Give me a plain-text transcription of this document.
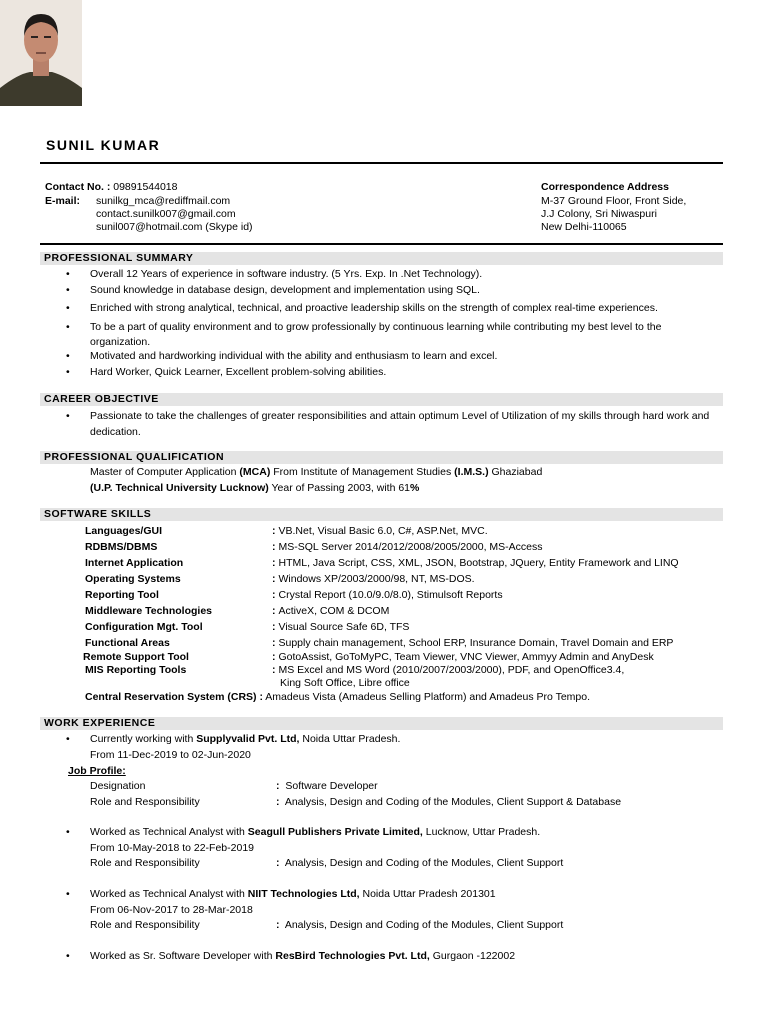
SUNIL KUMAR
Contact No. : 09891544018
E-mail: sunilkg_mca@rediffmail.com
contact.sunilk007@gmail.com
sunil007@hotmail.com (Skype id)
Correspondence Address
M-37 Ground Floor, Front Side,
J.J Colony, Sri Niwaspuri
New Delhi-110065
PROFESSIONAL SUMMARY
• Overall 12 Years of experience in software industry. (5 Yrs. Exp. In .Net Technology).
• Sound knowledge in database design, development and implementation using SQL.
• Enriched with strong analytical, technical, and proactive leadership skills on the strength of complex real-time experiences.
• To be a part of quality environment and to grow professionally by continuous learning while contributing my best level to the organization.
• Motivated and hardworking individual with the ability and enthusiasm to learn and excel.
• Hard Worker, Quick Learner, Excellent problem-solving abilities.
CAREER OBJECTIVE
• Passionate to take the challenges of greater responsibilities and attain optimum Level of Utilization of my skills through hard work and dedication.
PROFESSIONAL QUALIFICATION
Master of Computer Application (MCA) From Institute of Management Studies (I.M.S.) Ghaziabad
(U.P. Technical University Lucknow) Year of Passing 2003, with 61%
SOFTWARE SKILLS
Languages/GUI	: VB.Net, Visual Basic 6.0, C#, ASP.Net, MVC.
RDBMS/DBMS	: MS-SQL Server 2014/2012/2008/2005/2000, MS-Access
Internet Application	: HTML, Java Script, CSS, XML, JSON, Bootstrap, JQuery, Entity Framework and LINQ
Operating Systems	: Windows XP/2003/2000/98, NT, MS-DOS.
Reporting Tool	: Crystal Report (10.0/9.0/8.0), Stimulsoft Reports
Middleware Technologies	: ActiveX, COM & DCOM
Configuration Mgt. Tool	: Visual Source Safe 6D, TFS
Functional Areas	: Supply chain management, School ERP, Insurance Domain, Travel Domain and ERP
Remote Support Tool	: GotoAssist, GoToMyPC, Team Viewer, VNC Viewer, Ammyy Admin and AnyDesk
MIS Reporting Tools	: MS Excel and MS Word (2010/2007/2003/2000), PDF, and OpenOffice3.4,
King Soft Office, Libre office
Central Reservation System (CRS) : Amadeus Vista (Amadeus Selling Platform) and Amadeus Pro Tempo.
WORK EXPERIENCE
• Currently working with Supplyvalid Pvt. Ltd, Noida Uttar Pradesh.
From 11-Dec-2019 to 02-Jun-2020
Job Profile:
Designation	: Software Developer
Role and Responsibility	: Analysis, Design and Coding of the Modules, Client Support & Database
• Worked as Technical Analyst with Seagull Publishers Private Limited, Lucknow, Uttar Pradesh.
From 10-May-2018 to 22-Feb-2019
Role and Responsibility	: Analysis, Design and Coding of the Modules, Client Support
• Worked as Technical Analyst with NIIT Technologies Ltd, Noida Uttar Pradesh 201301
From 06-Nov-2017 to 28-Mar-2018
Role and Responsibility	: Analysis, Design and Coding of the Modules, Client Support
• Worked as Sr. Software Developer with ResBird Technologies Pvt. Ltd, Gurgaon -122002
